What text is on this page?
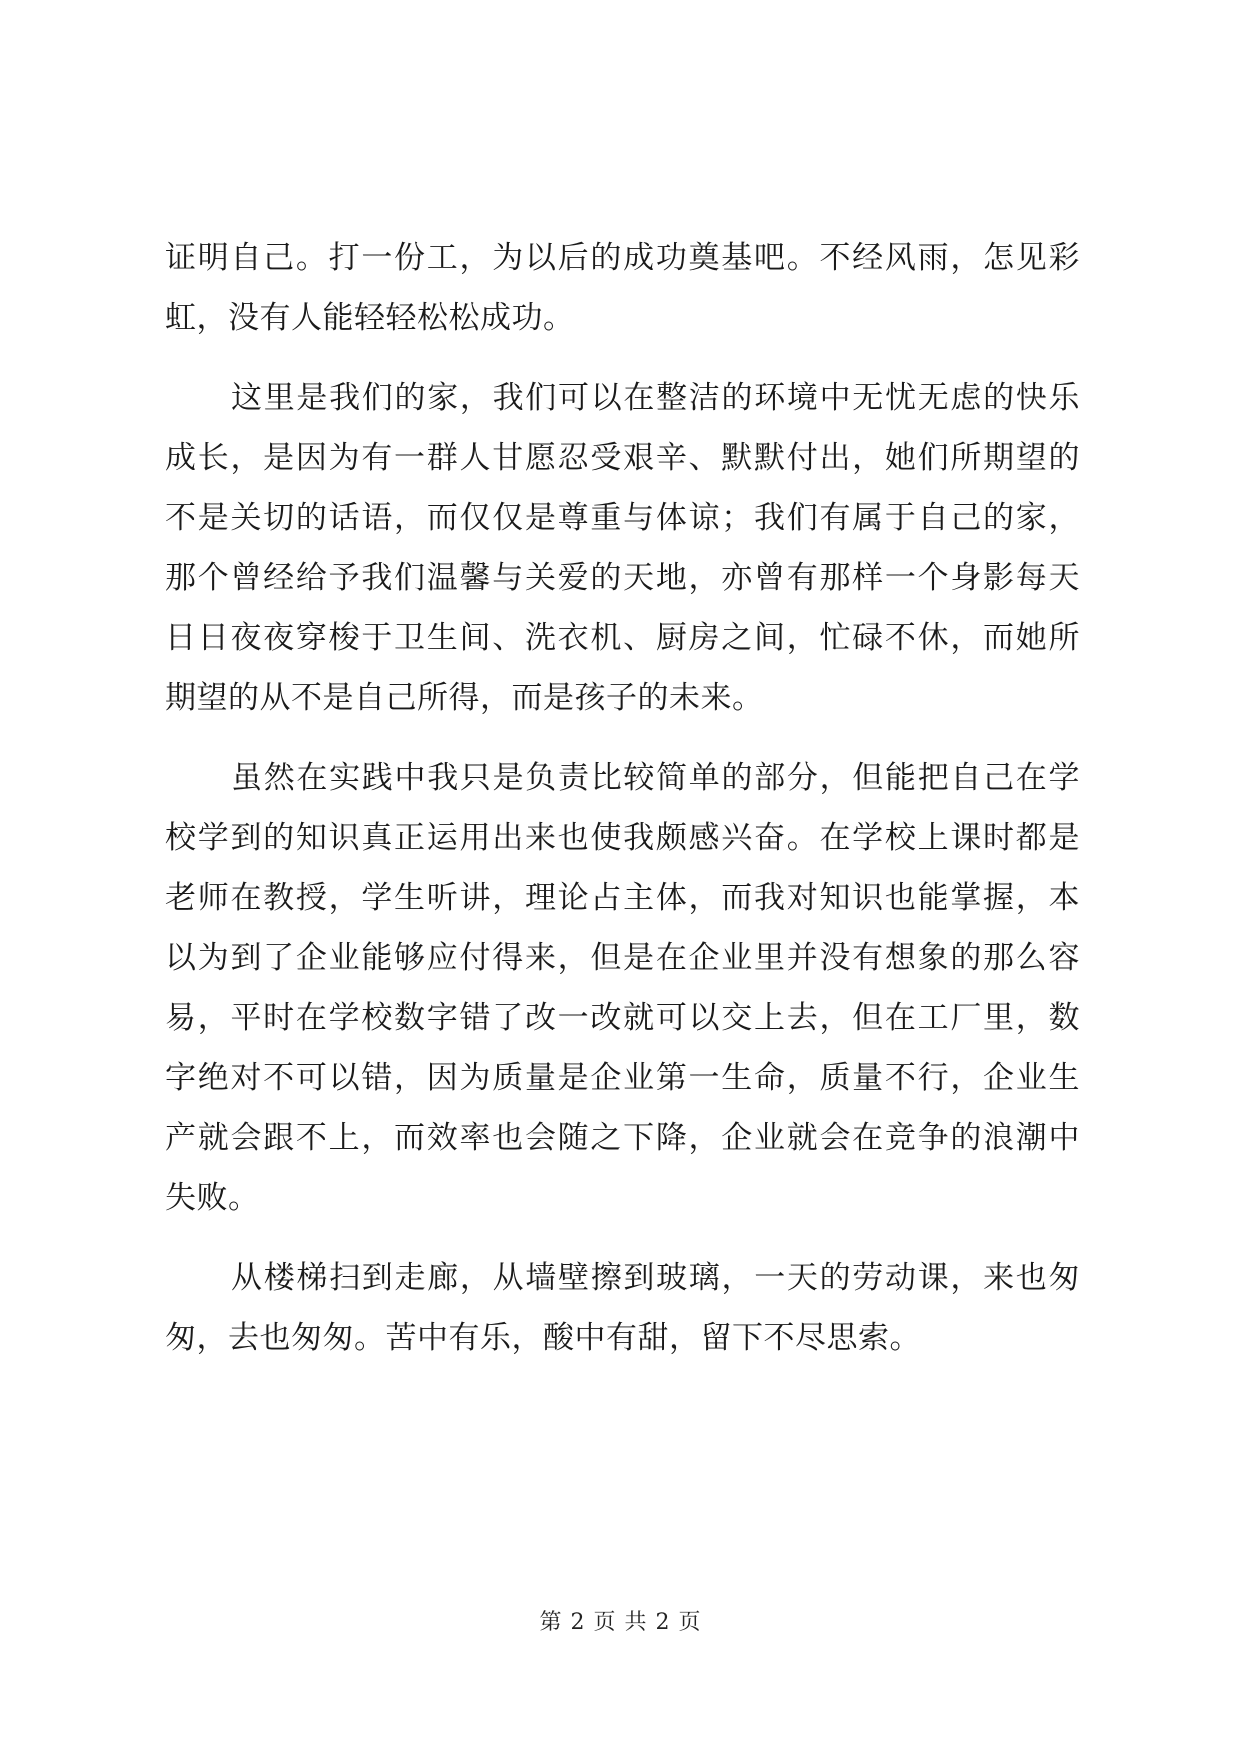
证明自己。打一份工，为以后的成功奠基吧。不经风雨，怎见彩
虹，没有人能轻轻松松成功。
这里是我们的家，我们可以在整洁的环境中无忧无虑的快乐
成长，是因为有一群人甘愿忍受艰辛、默默付出，她们所期望的
不是关切的话语，而仅仅是尊重与体谅；我们有属于自己的家，
那个曾经给予我们温馨与关爱的天地，亦曾有那样一个身影每天
日日夜夜穿梭于卫生间、洗衣机、厨房之间，忙碌不休，而她所
期望的从不是自己所得，而是孩子的未来。
虽然在实践中我只是负责比较简单的部分，但能把自己在学
校学到的知识真正运用出来也使我颇感兴奋。在学校上课时都是
老师在教授，学生听讲，理论占主体，而我对知识也能掌握，本
以为到了企业能够应付得来，但是在企业里并没有想象的那么容
易，平时在学校数字错了改一改就可以交上去，但在工厂里，数
字绝对不可以错，因为质量是企业第一生命，质量不行，企业生
产就会跟不上，而效率也会随之下降，企业就会在竞争的浪潮中
失败。
从楼梯扫到走廊，从墙壁擦到玻璃，一天的劳动课，来也匆
匆，去也匆匆。苦中有乐，酸中有甜，留下不尽思索。
第 2 页 共 2 页
